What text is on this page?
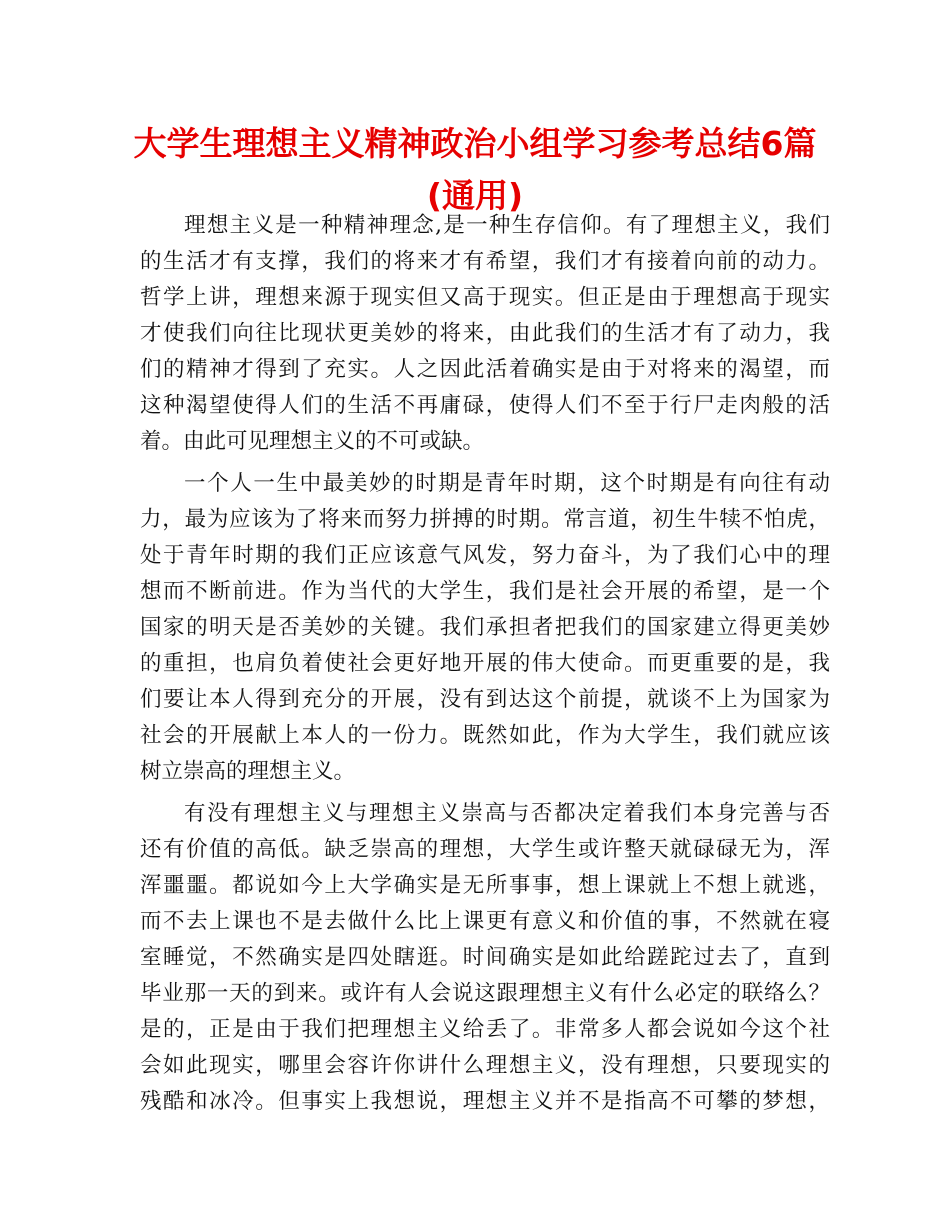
大学生理想主义精神政治小组学习参考总结6篇
(通用)
理想主义是一种精神理念,是一种生存信仰。有了理想主义，我们
的生活才有支撑，我们的将来才有希望，我们才有接着向前的动力。
哲学上讲，理想来源于现实但又高于现实。但正是由于理想高于现实
才使我们向往比现状更美妙的将来，由此我们的生活才有了动力，我
们的精神才得到了充实。人之因此活着确实是由于对将来的渴望，而
这种渴望使得人们的生活不再庸碌，使得人们不至于行尸走肉般的活
着。由此可见理想主义的不可或缺。
一个人一生中最美妙的时期是青年时期，这个时期是有向往有动
力，最为应该为了将来而努力拼搏的时期。常言道，初生牛犊不怕虎，
处于青年时期的我们正应该意气风发，努力奋斗，为了我们心中的理
想而不断前进。作为当代的大学生，我们是社会开展的希望，是一个
国家的明天是否美妙的关键。我们承担者把我们的国家建立得更美妙
的重担，也肩负着使社会更好地开展的伟大使命。而更重要的是，我
们要让本人得到充分的开展，没有到达这个前提，就谈不上为国家为
社会的开展献上本人的一份力。既然如此，作为大学生，我们就应该
树立崇高的理想主义。
有没有理想主义与理想主义崇高与否都决定着我们本身完善与否
还有价值的高低。缺乏崇高的理想，大学生或许整天就碌碌无为，浑
浑噩噩。都说如今上大学确实是无所事事，想上课就上不想上就逃，
而不去上课也不是去做什么比上课更有意义和价值的事，不然就在寝
室睡觉，不然确实是四处瞎逛。时间确实是如此给蹉跎过去了，直到
毕业那一天的到来。或许有人会说这跟理想主义有什么必定的联络么？
是的，正是由于我们把理想主义给丢了。非常多人都会说如今这个社
会如此现实，哪里会容许你讲什么理想主义，没有理想，只要现实的
残酷和冰冷。但事实上我想说，理想主义并不是指高不可攀的梦想，
